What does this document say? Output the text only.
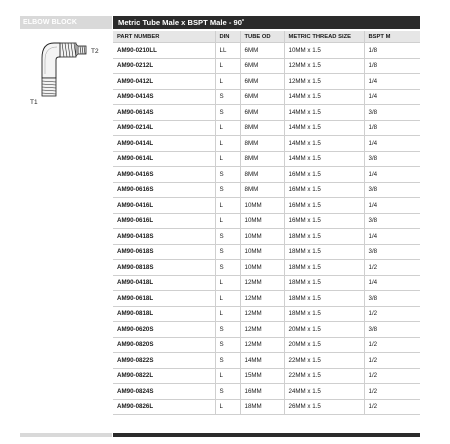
ELBOW BLOCK	Metric Tube Male x BSPT Male - 90˚
T2
T1
PART NUMBER	DIN	TUBE OD	METRIC THREAD SIZE	BSPT M
AM90-0210LL	LL	6MM	10MM x 1.5	1/8
AM90-0212L	L	6MM	12MM x 1.5	1/8
AM90-0412L	L	6MM	12MM x 1.5	1/4
AM90-0414S	S	6MM	14MM x 1.5	1/4
AM90-0614S	S	6MM	14MM x 1.5	3/8
AM90-0214L	L	8MM	14MM x 1.5	1/8
AM90-0414L	L	8MM	14MM x 1.5	1/4
AM90-0614L	L	8MM	14MM x 1.5	3/8
AM90-0416S	S	8MM	16MM x 1.5	1/4
AM90-0616S	S	8MM	16MM x 1.5	3/8
AM90-0416L	L	10MM	16MM x 1.5	1/4
AM90-0616L	L	10MM	16MM x 1.5	3/8
AM90-0418S	S	10MM	18MM x 1.5	1/4
AM90-0618S	S	10MM	18MM x 1.5	3/8
AM90-0818S	S	10MM	18MM x 1.5	1/2
AM90-0418L	L	12MM	18MM x 1.5	1/4
AM90-0618L	L	12MM	18MM x 1.5	3/8
AM90-0818L	L	12MM	18MM x 1.5	1/2
AM90-0620S	S	12MM	20MM x 1.5	3/8
AM90-0820S	S	12MM	20MM x 1.5	1/2
AM90-0822S	S	14MM	22MM x 1.5	1/2
AM90-0822L	L	15MM	22MM x 1.5	1/2
AM90-0824S	S	16MM	24MM x 1.5	1/2
AM90-0826L	L	18MM	26MM x 1.5	1/2
